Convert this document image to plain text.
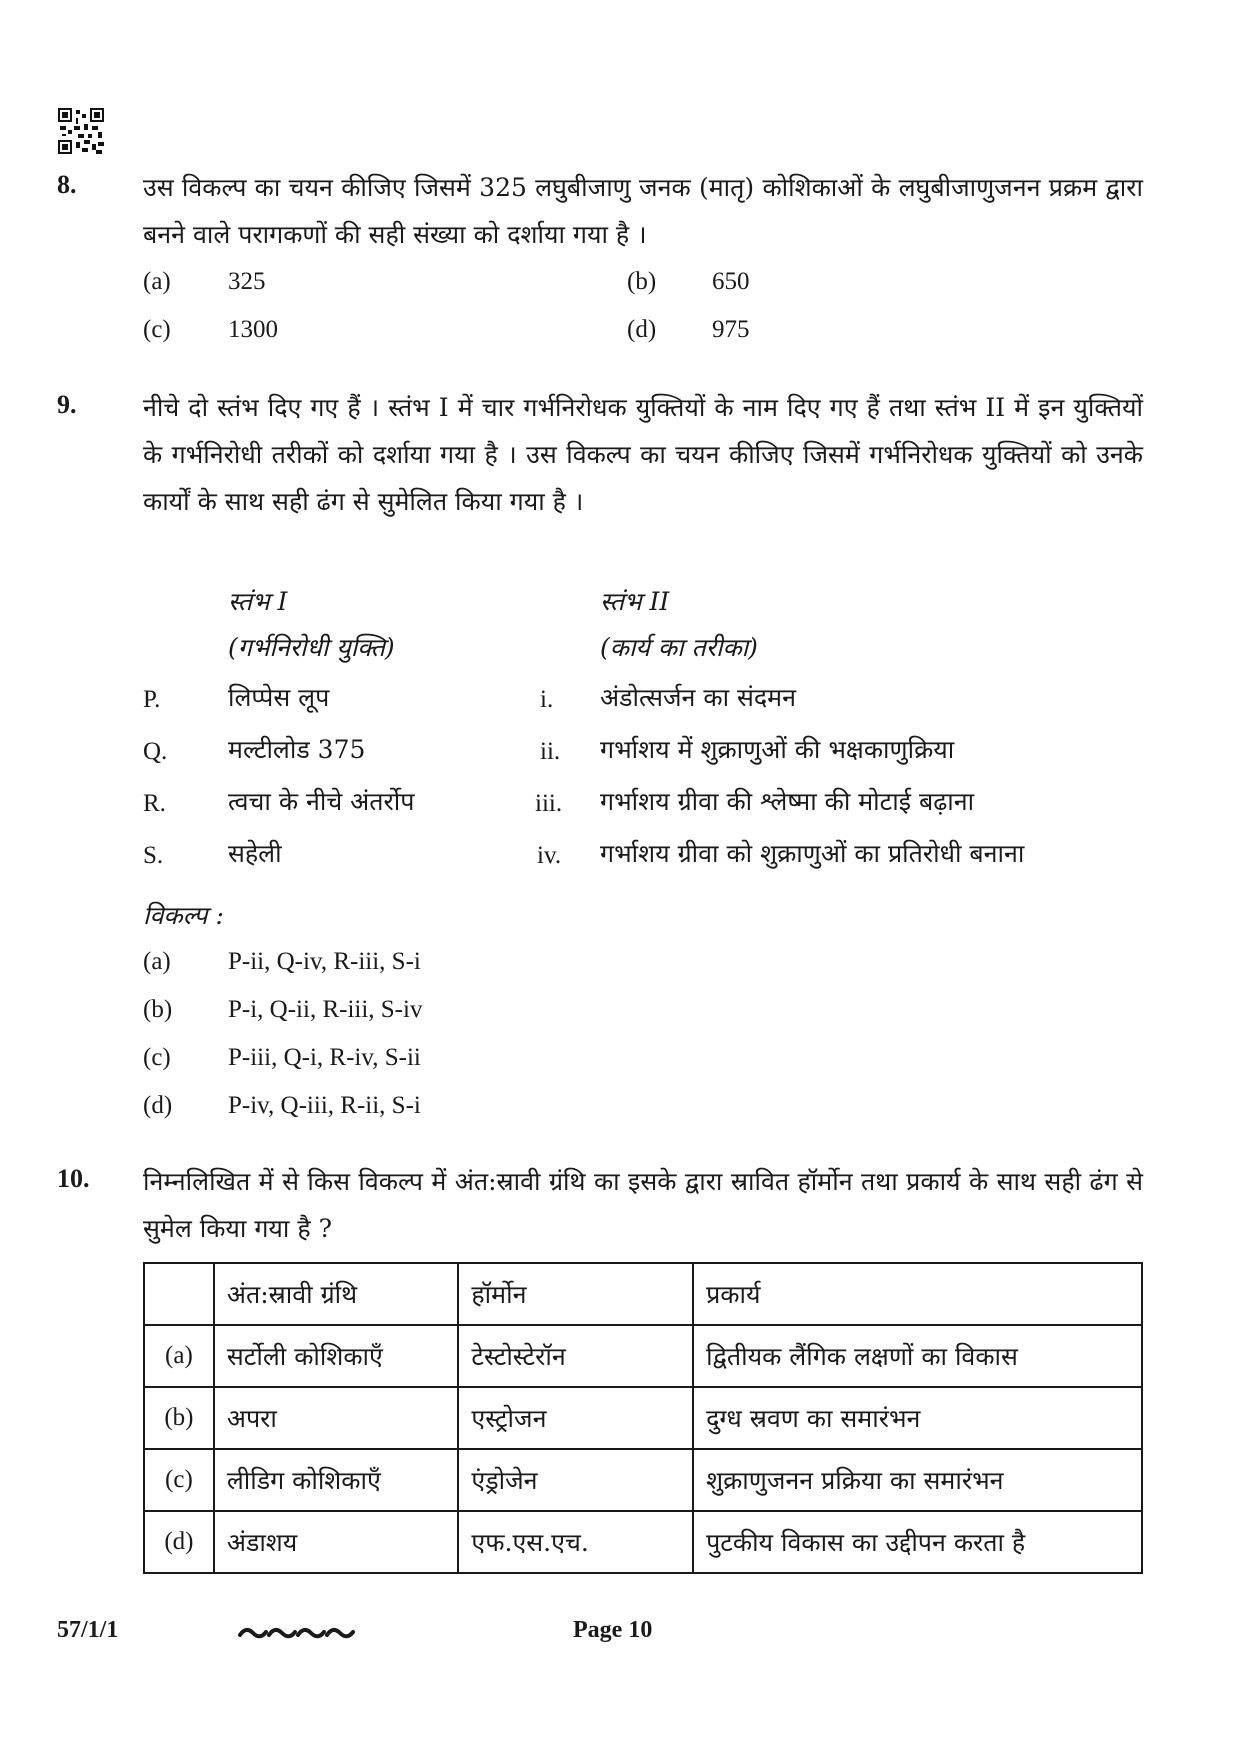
8.	उस विकल्प का चयन कीजिए जिसमें 325 लघुबीजाणु जनक (मातृ) कोशिकाओं के लघुबीजाणुजनन प्रक्रम द्वारा बनने वाले परागकणों की सही संख्या को दर्शाया गया है ।
(a) 325	(b) 650
(c) 1300	(d) 975
9.	नीचे दो स्तंभ दिए गए हैं । स्तंभ I में चार गर्भनिरोधक युक्तियों के नाम दिए गए हैं तथा स्तंभ II में इन युक्तियों के गर्भनिरोधी तरीकों को दर्शाया गया है । उस विकल्प का चयन कीजिए जिसमें गर्भनिरोधक युक्तियों को उनके कार्यों के साथ सही ढंग से सुमेलित किया गया है ।
स्तंभ I
(गर्भनिरोधी युक्ति)
स्तंभ II
(कार्य का तरीका)
P.	लिप्पेस लूप	i. अंडोत्सर्जन का संदमन
Q. मल्टीलोड 375	ii. गर्भाशय में शुक्राणुओं की भक्षकाणुक्रिया
R. त्वचा के नीचे अंतर्रोप	iii. गर्भाशय ग्रीवा की श्लेष्मा की मोटाई बढ़ाना
S.	सहेली	iv. गर्भाशय ग्रीवा को शुक्राणुओं का प्रतिरोधी बनाना
विकल्प :
(a) P-ii, Q-iv, R-iii, S-i
(b) P-i, Q-ii, R-iii, S-iv
(c) P-iii, Q-i, R-iv, S-ii
(d) P-iv, Q-iii, R-ii, S-i
10. निम्नलिखित में से किस विकल्प में अंत:स्रावी ग्रंथि का इसके द्वारा स्रावित हॉर्मोन तथा प्रकार्य के साथ सही ढंग से सुमेल किया गया है ?
	अंत:स्रावी ग्रंथि	हॉर्मोन	प्रकार्य
(a)	सर्टोली कोशिकाएँ	टेस्टोस्टेरॉन	द्वितीयक लैंगिक लक्षणों का विकास
(b)	अपरा	एस्ट्रोजन	दुग्ध स्रवण का समारंभन
(c)	लीडिग कोशिकाएँ	एंड्रोजेन	शुक्राणुजनन प्रक्रिया का समारंभन
(d)	अंडाशय	एफ.एस.एच.	पुटकीय विकास का उद्दीपन करता है
57/1/1	Page 10
